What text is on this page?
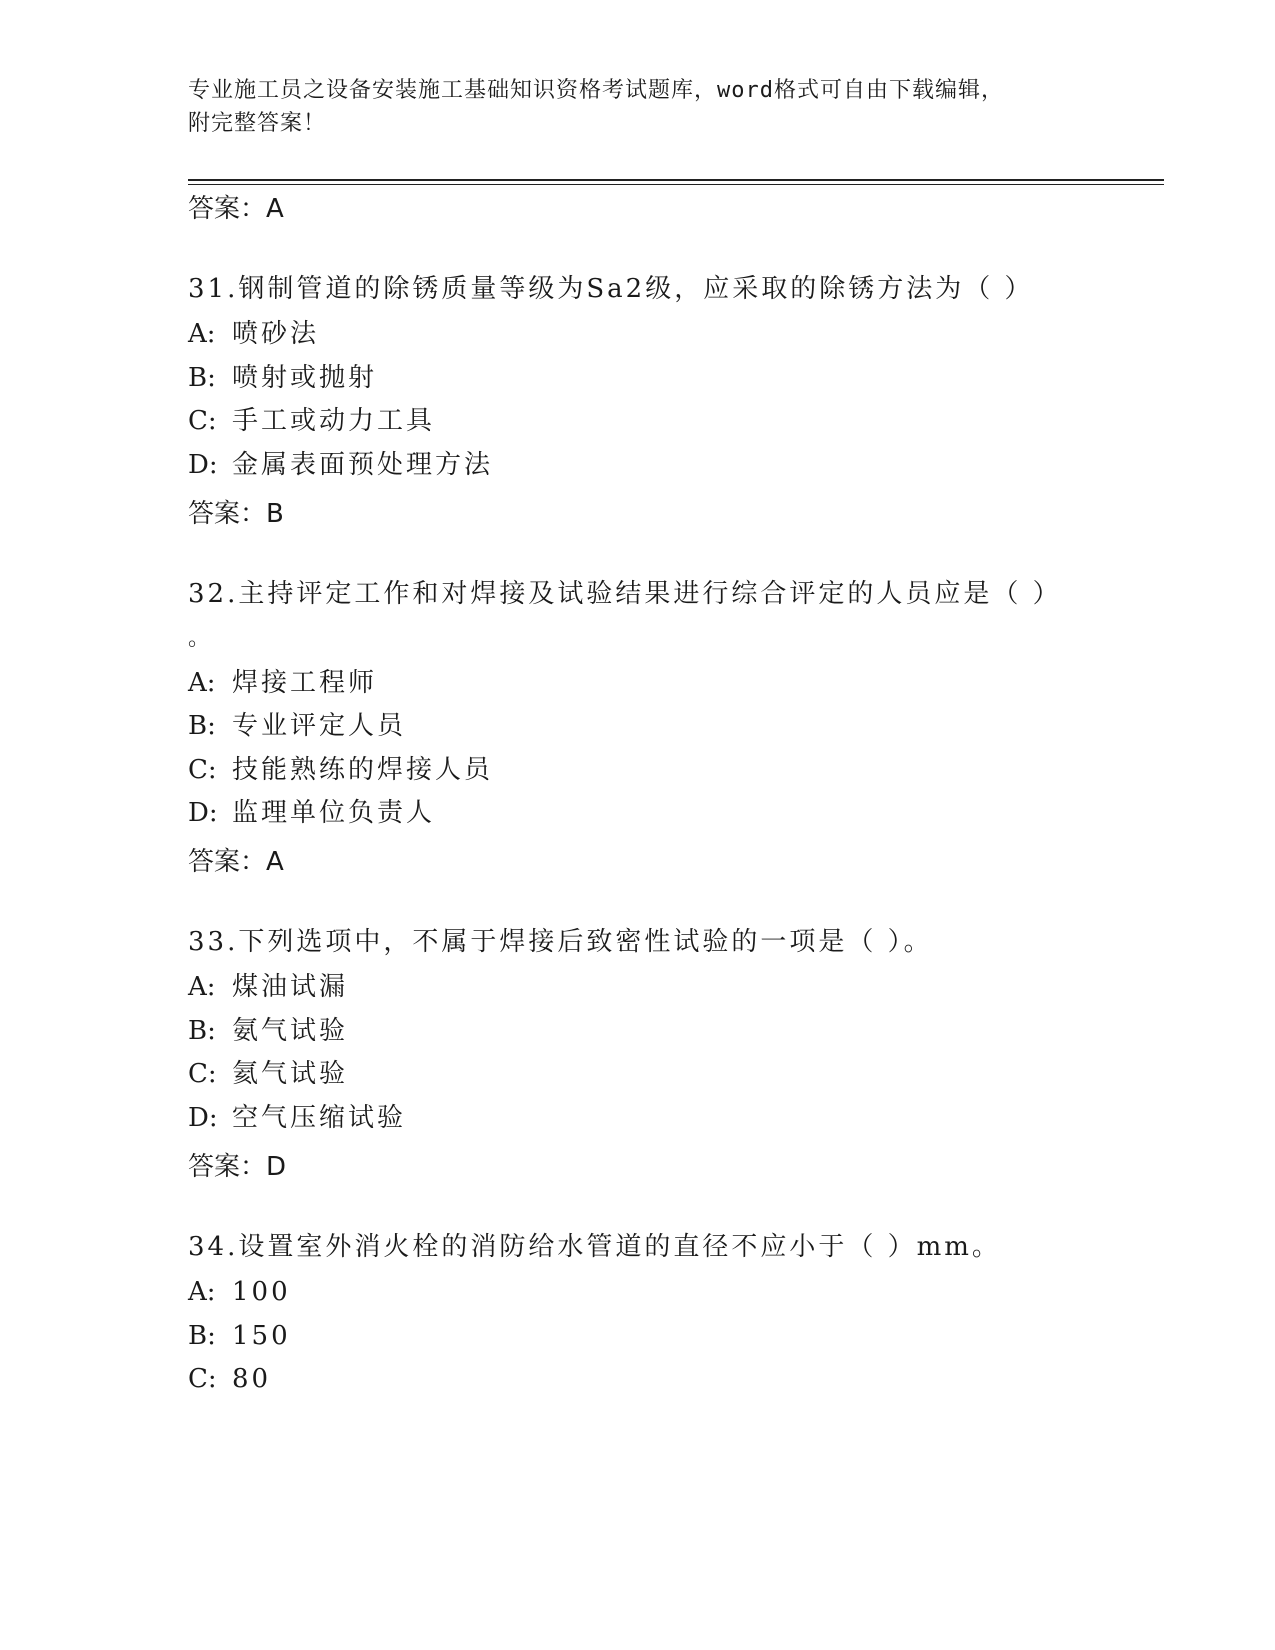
专业施工员之设备安装施工基础知识资格考试题库，word格式可自由下载编辑，
附完整答案！
答案：A
31.钢制管道的除锈质量等级为Sa2级，应采取的除锈方法为（ ）
A: 喷砂法
B: 喷射或抛射
C: 手工或动力工具
D: 金属表面预处理方法
答案：B
32.主持评定工作和对焊接及试验结果进行综合评定的人员应是（ ）
。
A: 焊接工程师
B: 专业评定人员
C: 技能熟练的焊接人员
D: 监理单位负责人
答案：A
33.下列选项中，不属于焊接后致密性试验的一项是（ ）。
A: 煤油试漏
B: 氨气试验
C: 氦气试验
D: 空气压缩试验
答案：D
34.设置室外消火栓的消防给水管道的直径不应小于（ ）mm。
A: 100
B: 150
C: 80
